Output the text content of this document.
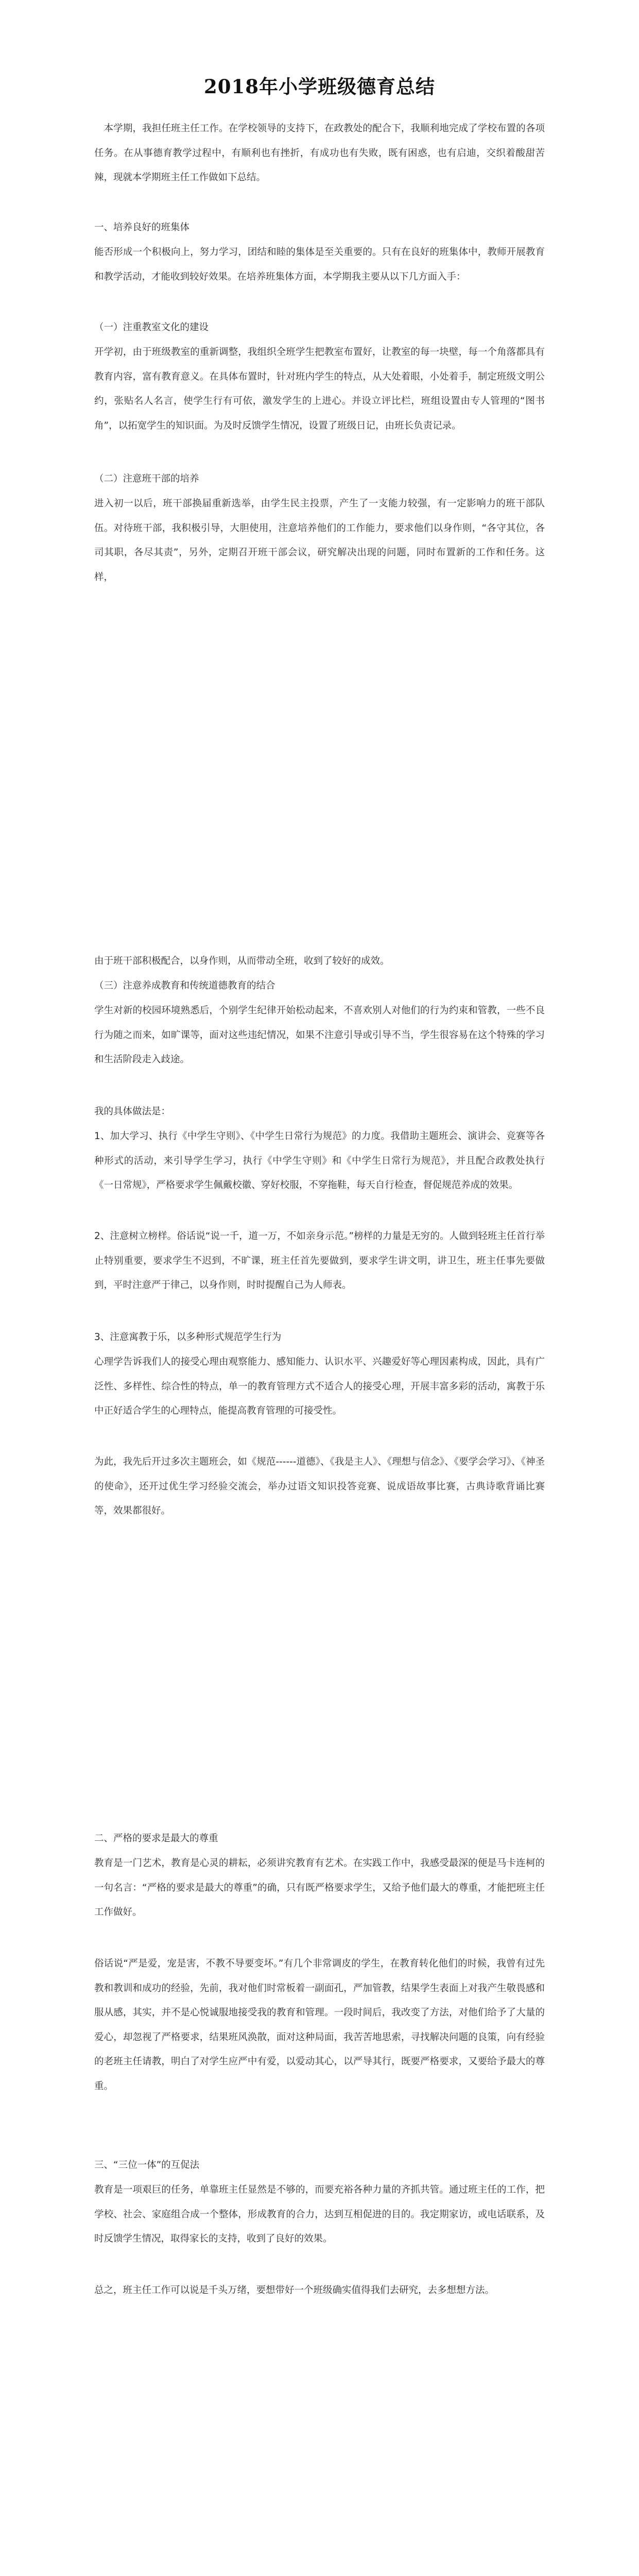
2018年小学班级德育总结

　本学期，我担任班主任工作。在学校领导的支持下，在政教处的配合下，我顺利地完成了学校布置的各项任务。在从事德育教学过程中，有顺利也有挫折，有成功也有失败，既有困惑，也有启迪，交织着酸甜苦辣，现就本学期班主任工作做如下总结。

一、培养良好的班集体

能否形成一个积极向上，努力学习，团结和睦的集体是至关重要的。只有在良好的班集体中，教师开展教育和教学活动，才能收到较好效果。在培养班集体方面，本学期我主要从以下几方面入手：

（一）注重教室文化的建设

开学初，由于班级教室的重新调整，我组织全班学生把教室布置好，让教室的每一块壁，每一个角落都具有教育内容，富有教育意义。在具体布置时，针对班内学生的特点，从大处着眼，小处着手，制定班级文明公约，张贴名人名言，使学生行有可依，激发学生的上进心。并设立评比栏，班组设置由专人管理的“图书角”，以拓宽学生的知识面。为及时反馈学生情况，设置了班级日记，由班长负责记录。

（二）注意班干部的培养

进入初一以后，班干部换届重新选举，由学生民主投票，产生了一支能力较强，有一定影响力的班干部队伍。对待班干部，我积极引导，大胆使用，注意培养他们的工作能力，要求他们以身作则，“各守其位，各司其职，各尽其责”，另外，定期召开班干部会议，研究解决出现的问题，同时布置新的工作和任务。这样，

由于班干部积极配合，以身作则，从而带动全班，收到了较好的成效。

（三）注意养成教育和传统道德教育的结合

学生对新的校园环境熟悉后，个别学生纪律开始松动起来，不喜欢别人对他们的行为约束和管教，一些不良行为随之而来，如旷课等，面对这些违纪情况，如果不注意引导或引导不当，学生很容易在这个特殊的学习和生活阶段走入歧途。

我的具体做法是：

1、加大学习、执行《中学生守则》、《中学生日常行为规范》的力度。我借助主题班会、演讲会、竞赛等各种形式的活动，来引导学生学习，执行《中学生守则》和《中学生日常行为规范》，并且配合政教处执行《一日常规》，严格要求学生佩戴校徽、穿好校服，不穿拖鞋，每天自行检查，督促规范养成的效果。

2、注意树立榜样。俗话说“说一千，道一万，不如亲身示范。”榜样的力量是无穷的。人做到轻班主任首行举止特别重要，要求学生不迟到，不旷课，班主任首先要做到，要求学生讲文明，讲卫生，班主任事先要做到，平时注意严于律己，以身作则，时时提醒自己为人师表。

3、注意寓教于乐，以多种形式规范学生行为

心理学告诉我们人的接受心理由观察能力、感知能力、认识水平、兴趣爱好等心理因素构成，因此，具有广泛性、多样性、综合性的特点，单一的教育管理方式不适合人的接受心理，开展丰富多彩的活动，寓教于乐中正好适合学生的心理特点，能提高教育管理的可接受性。

为此，我先后开过多次主题班会，如《规范------道德》、《我是主人》、《理想与信念》、《要学会学习》、《神圣的使命》，还开过优生学习经验交流会，举办过语文知识投答竞赛、说成语故事比赛，古典诗歌背诵比赛等，效果都很好。

二、严格的要求是最大的尊重

教育是一门艺术，教育是心灵的耕耘，必须讲究教育有艺术。在实践工作中，我感受最深的便是马卡连柯的一句名言：“严格的要求是最大的尊重”的确，只有既严格要求学生，又给予他们最大的尊重，才能把班主任工作做好。

俗话说“严是爱，宠是害，不教不导要变坏。”有几个非常调皮的学生，在教育转化他们的时候，我曾有过先教和教训和成功的经验，先前，我对他们时常板着一副面孔，严加管教，结果学生表面上对我产生敬畏感和服从感，其实，并不是心悦诚服地接受我的教育和管理。一段时间后，我改变了方法，对他们给予了大量的爱心，却忽视了严格要求，结果班风涣散，面对这种局面，我苦苦地思索，寻找解决问题的良策，向有经验的老班主任请教，明白了对学生应严中有爱，以爱动其心，以严导其行，既要严格要求，又要给予最大的尊重。

三、“三位一体”的互促法

教育是一项艰巨的任务，单靠班主任显然是不够的，而要充裕各种力量的齐抓共管。通过班主任的工作，把学校、社会、家庭组合成一个整体，形成教育的合力，达到互相促进的目的。我定期家访，或电话联系，及时反馈学生情况，取得家长的支持，收到了良好的效果。

总之，班主任工作可以说是千头万绪，要想带好一个班级确实值得我们去研究，去多想想方法。
